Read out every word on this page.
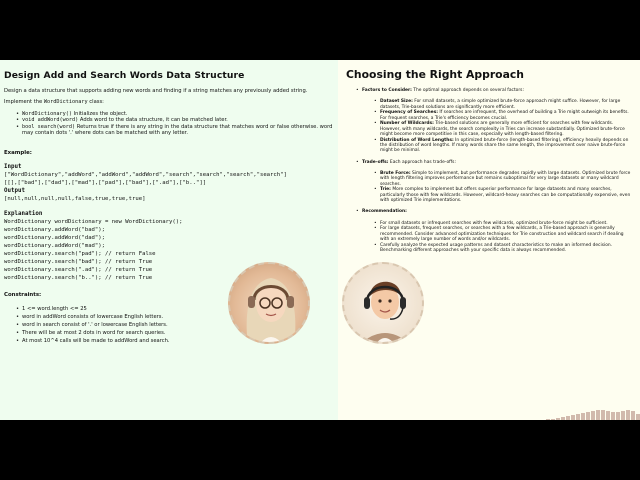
Design Add and Search Words Data Structure

Design a data structure that supports adding new words and finding if a string matches any previously added string.

Implement the WordDictionary class:

• WordDictionary() Initializes the object.
• void addWord(word) Adds word to the data structure, it can be matched later.
• bool search(word) Returns true if there is any string in the data structure that matches word or false otherwise. word may contain dots '.' where dots can be matched with any letter.
Example:
Input
["WordDictionary","addWord","addWord","addWord","search","search","search","search"]
[[],["bad"],["dad"],["mad"],["pad"],["bad"],[".ad"],["b.."]]
Output
[null,null,null,null,false,true,true,true]
Explanation
WordDictionary wordDictionary = new WordDictionary();
wordDictionary.addWord("bad");
wordDictionary.addWord("dad");
wordDictionary.addWord("mad");
wordDictionary.search("pad"); // return False
wordDictionary.search("bad"); // return True
wordDictionary.search(".ad"); // return True
wordDictionary.search("b.."); // return True
Constraints:
• 1 <= word.length <= 25
• word in addWord consists of lowercase English letters.
• word in search consist of '.' or lowercase English letters.
• There will be at most 2 dots in word for search queries.
• At most 10^4 calls will be made to addWord and search.
Choosing the Right Approach
• Factors to Consider: The optimal approach depends on several factors:
• Dataset Size: For small datasets, a simple optimized brute-force approach might suffice. However, for large datasets, Trie-based solutions are significantly more efficient.
• Frequency of Searches: If searches are infrequent, the overhead of building a Trie might outweigh its benefits. For frequent searches, a Trie's efficiency becomes crucial.
• Number of Wildcards: Trie-based solutions are generally more efficient for searches with few wildcards. However, with many wildcards, the search complexity in Tries can increase substantially. Optimized brute-force might become more competitive in this case, especially with length-based filtering.
• Distribution of Word Lengths: In optimized brute-force (length-based filtering), efficiency heavily depends on the distribution of word lengths. If many words share the same length, the improvement over naive brute-force might be minimal.
• Trade-offs: Each approach has trade-offs:
• Brute Force: Simple to implement, but performance degrades rapidly with large datasets. Optimized brute force with length filtering improves performance but remains suboptimal for very large datasets or many wildcard searches.
• Trie: More complex to implement but offers superior performance for large datasets and many searches, particularly those with few wildcards. However, wildcard-heavy searches can be computationally expensive, even with optimized Trie implementations.
• Recommendation:
• For small datasets or infrequent searches with few wildcards, optimized brute-force might be sufficient.
• For large datasets, frequent searches, or searches with a few wildcards, a Trie-based approach is generally recommended. Consider advanced optimization techniques for Trie construction and wildcard search if dealing with an extremely large number of words and/or wildcards.
• Carefully analyze the expected usage patterns and dataset characteristics to make an informed decision. Benchmarking different approaches with your specific data is always recommended.
